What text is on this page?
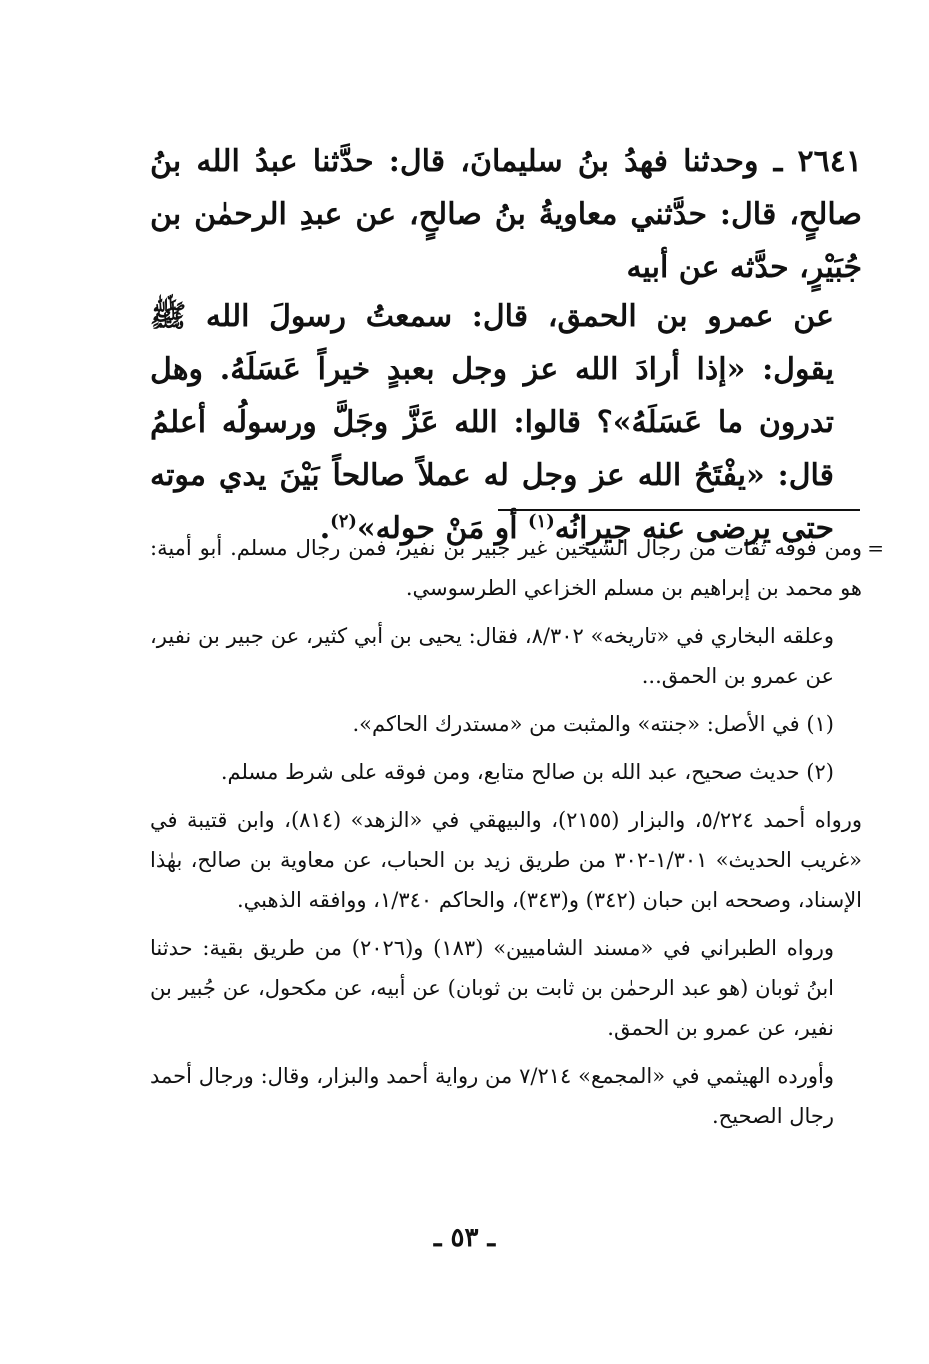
٢٦٤١ ـ وحدثنا فهدُ بنُ سليمانَ، قال: حدَّثنا عبدُ الله بنُ صالحٍ، قال: حدَّثني معاويةُ بنُ صالحٍ، عن عبدِ الرحمٰن بن جُبَيْرٍ، حدَّثه عن أبيه

عن عمرو بن الحمق، قال: سمعتُ رسولَ الله ﷺ يقول: «إذا أرادَ الله عز وجل بعبدٍ خيراً عَسَلَهُ. وهل تدرون ما عَسَلَهُ»؟ قالوا: الله عَزَّ وجَلَّ ورسولُه أعلمُ قال: «يفْتَحُ الله عز وجل له عملاً صالحاً بَيْنَ يدي موته حتى يرضى عنه جيرانُه$^{(١)}$ أو مَنْ حوله»$^{(٢)}$.

=
ومن فوقه ثقات من رجال الشيخين غير جبير بن نفير، فمن رجال مسلم. أبو أمية: هو محمد بن إبراهيم بن مسلم الخزاعي الطرسوسي.

وعلقه البخاري في «تاريخه» ٨/٣٠٢، فقال: يحيى بن أبي كثير، عن جبير بن نفير، عن عمرو بن الحمق...

(١) في الأصل: «جنته» والمثبت من «مستدرك الحاكم».

(٢) حديث صحيح، عبد الله بن صالح متابع، ومن فوقه على شرط مسلم.

ورواه أحمد ٥/٢٢٤، والبزار (٢١٥٥)، والبيهقي في «الزهد» (٨١٤)، وابن قتيبة في «غريب الحديث» ١/٣٠١-٣٠٢ من طريق زيد بن الحباب، عن معاوية بن صالح، بهٰذا الإسناد، وصححه ابن حبان (٣٤٢) و(٣٤٣)، والحاكم ١/٣٤٠، ووافقه الذهبي.

ورواه الطبراني في «مسند الشاميين» (١٨٣) و(٢٠٢٦) من طريق بقية: حدثنا ابنُ ثوبان (هو عبد الرحمٰن بن ثابت بن ثوبان) عن أبيه، عن مكحول، عن جُبير بن نفير، عن عمرو بن الحمق.

وأورده الهيثمي في «المجمع» ٧/٢١٤ من رواية أحمد والبزار، وقال: ورجال أحمد رجال الصحيح.

ـ ٥٣ ـ
